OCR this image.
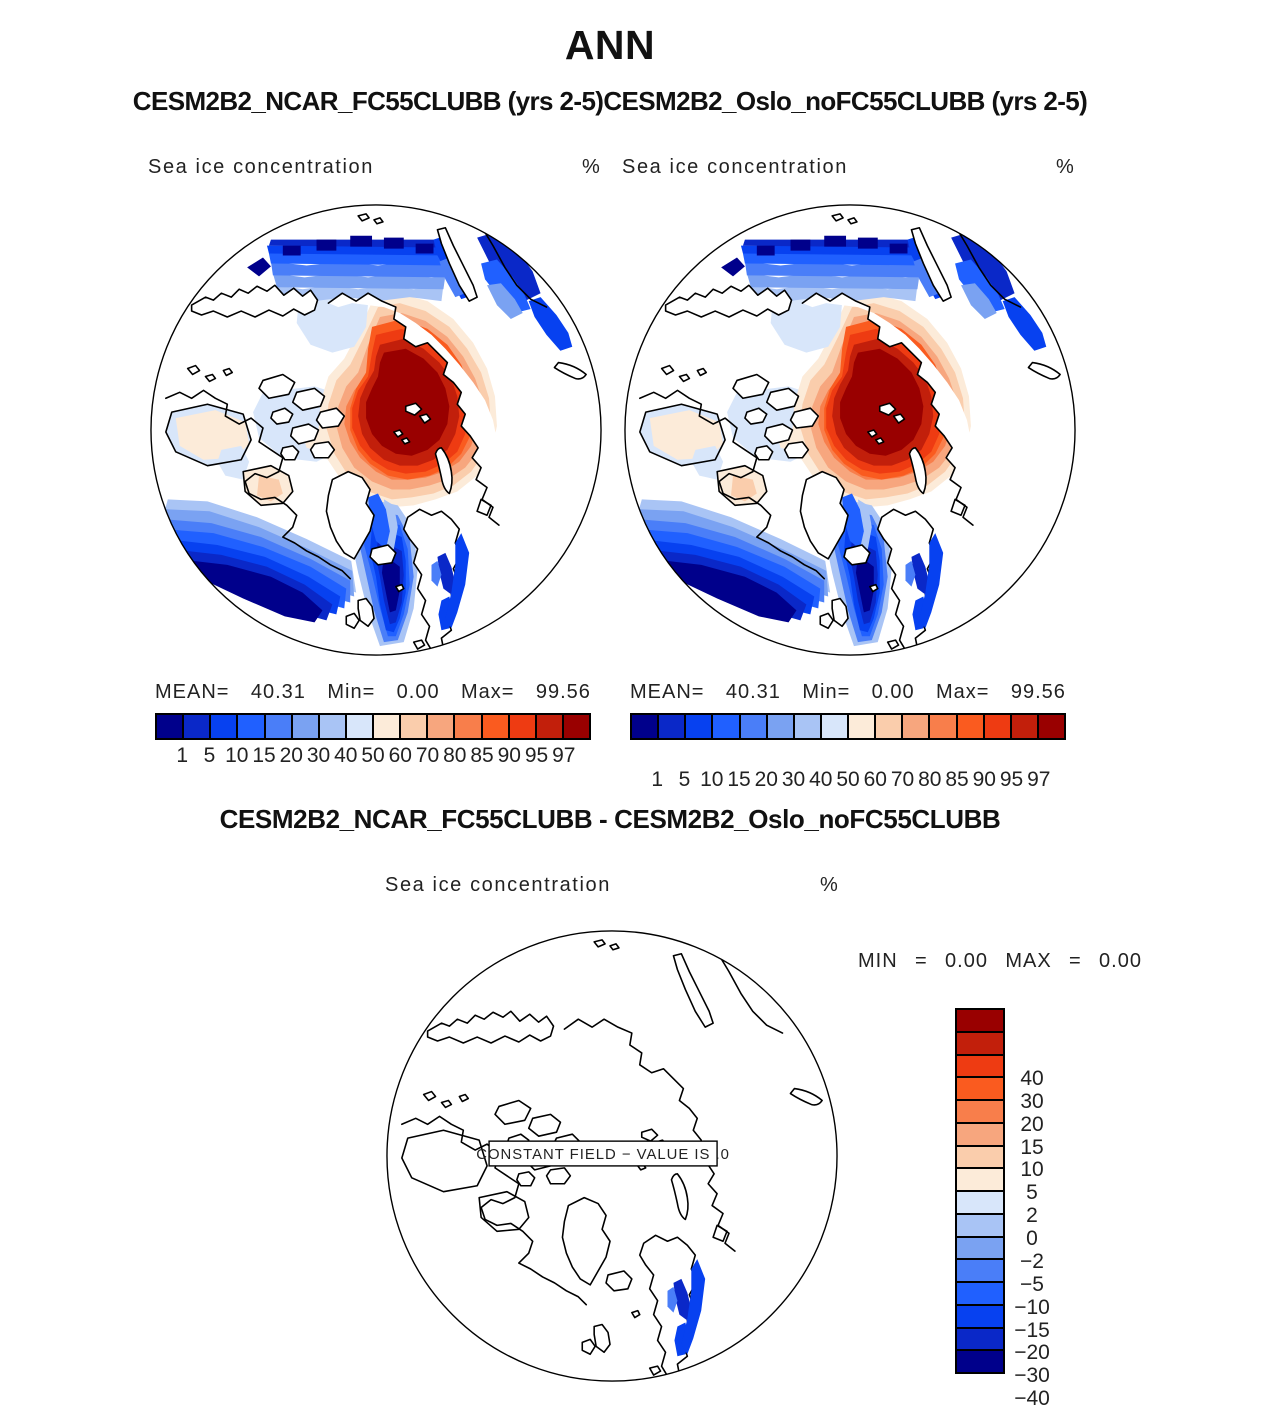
ANN
CESM2B2_NCAR_FC55CLUBB (yrs 2-5)CESM2B2_Oslo_noFC55CLUBB (yrs 2-5)
Sea ice concentration	%
MEAN= 40.31 Min= 0.00 Max= 99.56
1 5 10 15 20 30 40 50 60 70 80 85 90 95 97
Sea ice concentration	%
MEAN= 40.31 Min= 0.00 Max= 99.56
1 5 10 15 20 30 40 50 60 70 80 85 90 95 97
CESM2B2_NCAR_FC55CLUBB - CESM2B2_Oslo_noFC55CLUBB
Sea ice concentration	%
MIN = 0.00 MAX = 0.00
CONSTANT FIELD − VALUE IS .0
40
30
20
15
10
5
2
0
−2
−5
−10
−15
−20
−30
−40
